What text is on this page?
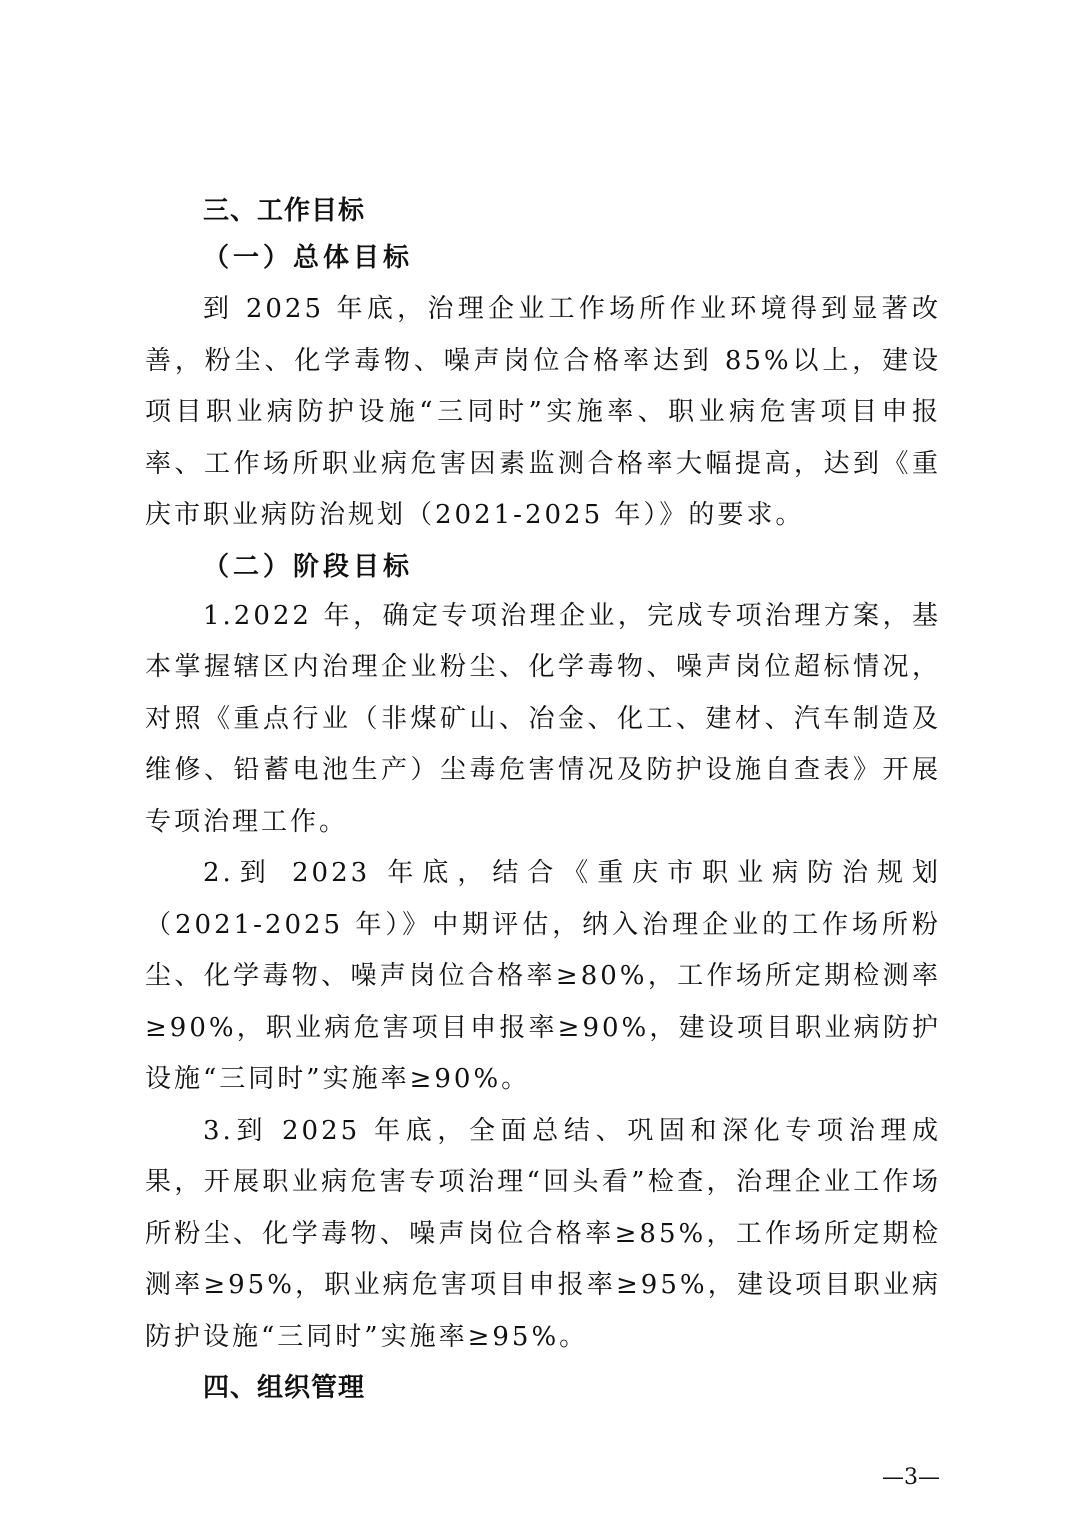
三、工作目标
（一）总体目标

到 2025 年底，治理企业工作场所作业环境得到显著改善，粉尘、化学毒物、噪声岗位合格率达到 85%以上，建设项目职业病防护设施“三同时”实施率、职业病危害项目申报率、工作场所职业病危害因素监测合格率大幅提高，达到《重庆市职业病防治规划（2021-2025 年）》的要求。

（二）阶段目标

1.2022 年，确定专项治理企业，完成专项治理方案，基本掌握辖区内治理企业粉尘、化学毒物、噪声岗位超标情况，对照《重点行业（非煤矿山、冶金、化工、建材、汽车制造及维修、铅蓄电池生产）尘毒危害情况及防护设施自查表》开展专项治理工作。

2.到 2023 年底，结合《重庆市职业病防治规划（2021-2025 年）》中期评估，纳入治理企业的工作场所粉尘、化学毒物、噪声岗位合格率≥80%，工作场所定期检测率≥90%，职业病危害项目申报率≥90%，建设项目职业病防护设施“三同时”实施率≥90%。

3.到 2025 年底，全面总结、巩固和深化专项治理成果，开展职业病危害专项治理“回头看”检查，治理企业工作场所粉尘、化学毒物、噪声岗位合格率≥85%，工作场所定期检测率≥95%，职业病危害项目申报率≥95%，建设项目职业病防护设施“三同时”实施率≥95%。

四、组织管理
—3—
